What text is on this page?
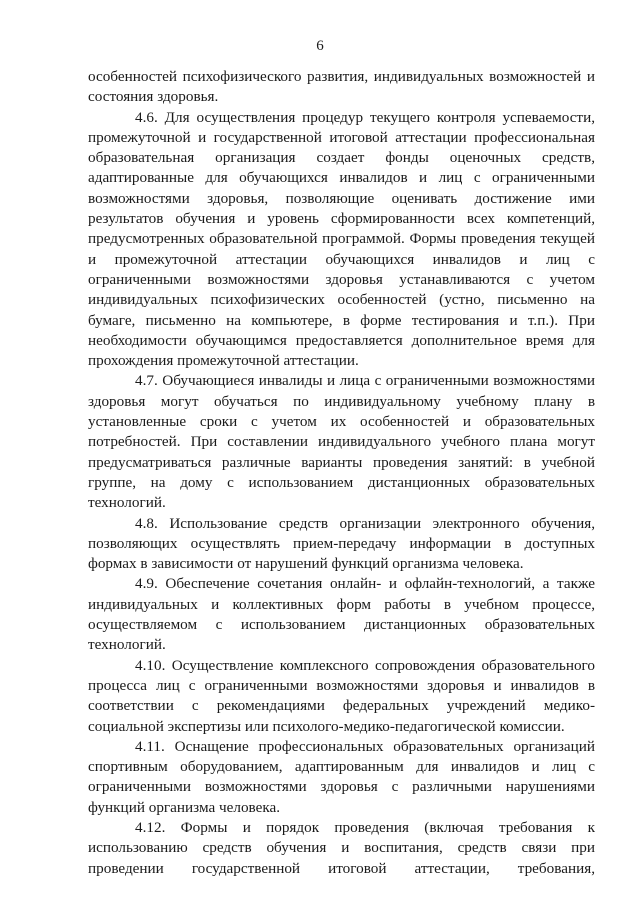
6

особенностей психофизического развития, индивидуальных возможностей и состояния здоровья.

4.6. Для осуществления процедур текущего контроля успеваемости, промежуточной и государственной итоговой аттестации профессиональная образовательная организация создает фонды оценочных средств, адаптированные для обучающихся инвалидов и лиц с ограниченными возможностями здоровья, позволяющие оценивать достижение ими результатов обучения и уровень сформированности всех компетенций, предусмотренных образовательной программой. Формы проведения текущей и промежуточной аттестации обучающихся инвалидов и лиц с ограниченными возможностями здоровья устанавливаются с учетом индивидуальных психофизических особенностей (устно, письменно на бумаге, письменно на компьютере, в форме тестирования и т.п.). При необходимости обучающимся предоставляется дополнительное время для прохождения промежуточной аттестации.

4.7. Обучающиеся инвалиды и лица с ограниченными возможностями здоровья могут обучаться по индивидуальному учебному плану в установленные сроки с учетом их особенностей и образовательных потребностей. При составлении индивидуального учебного плана могут предусматриваться различные варианты проведения занятий: в учебной группе, на дому с использованием дистанционных образовательных технологий.

4.8. Использование средств организации электронного обучения, позволяющих осуществлять прием-передачу информации в доступных формах в зависимости от нарушений функций организма человека.

4.9. Обеспечение сочетания онлайн- и офлайн-технологий, а также индивидуальных и коллективных форм работы в учебном процессе, осуществляемом с использованием дистанционных образовательных технологий.

4.10. Осуществление комплексного сопровождения образовательного процесса лиц с ограниченными возможностями здоровья и инвалидов в соответствии с рекомендациями федеральных учреждений медико-социальной экспертизы или психолого-медико-педагогической комиссии.

4.11. Оснащение профессиональных образовательных организаций спортивным оборудованием, адаптированным для инвалидов и лиц с ограниченными возможностями здоровья с различными нарушениями функций организма человека.

4.12. Формы и порядок проведения (включая требования к использованию средств обучения и воспитания, средств связи при проведении государственной итоговой аттестации, требования,
